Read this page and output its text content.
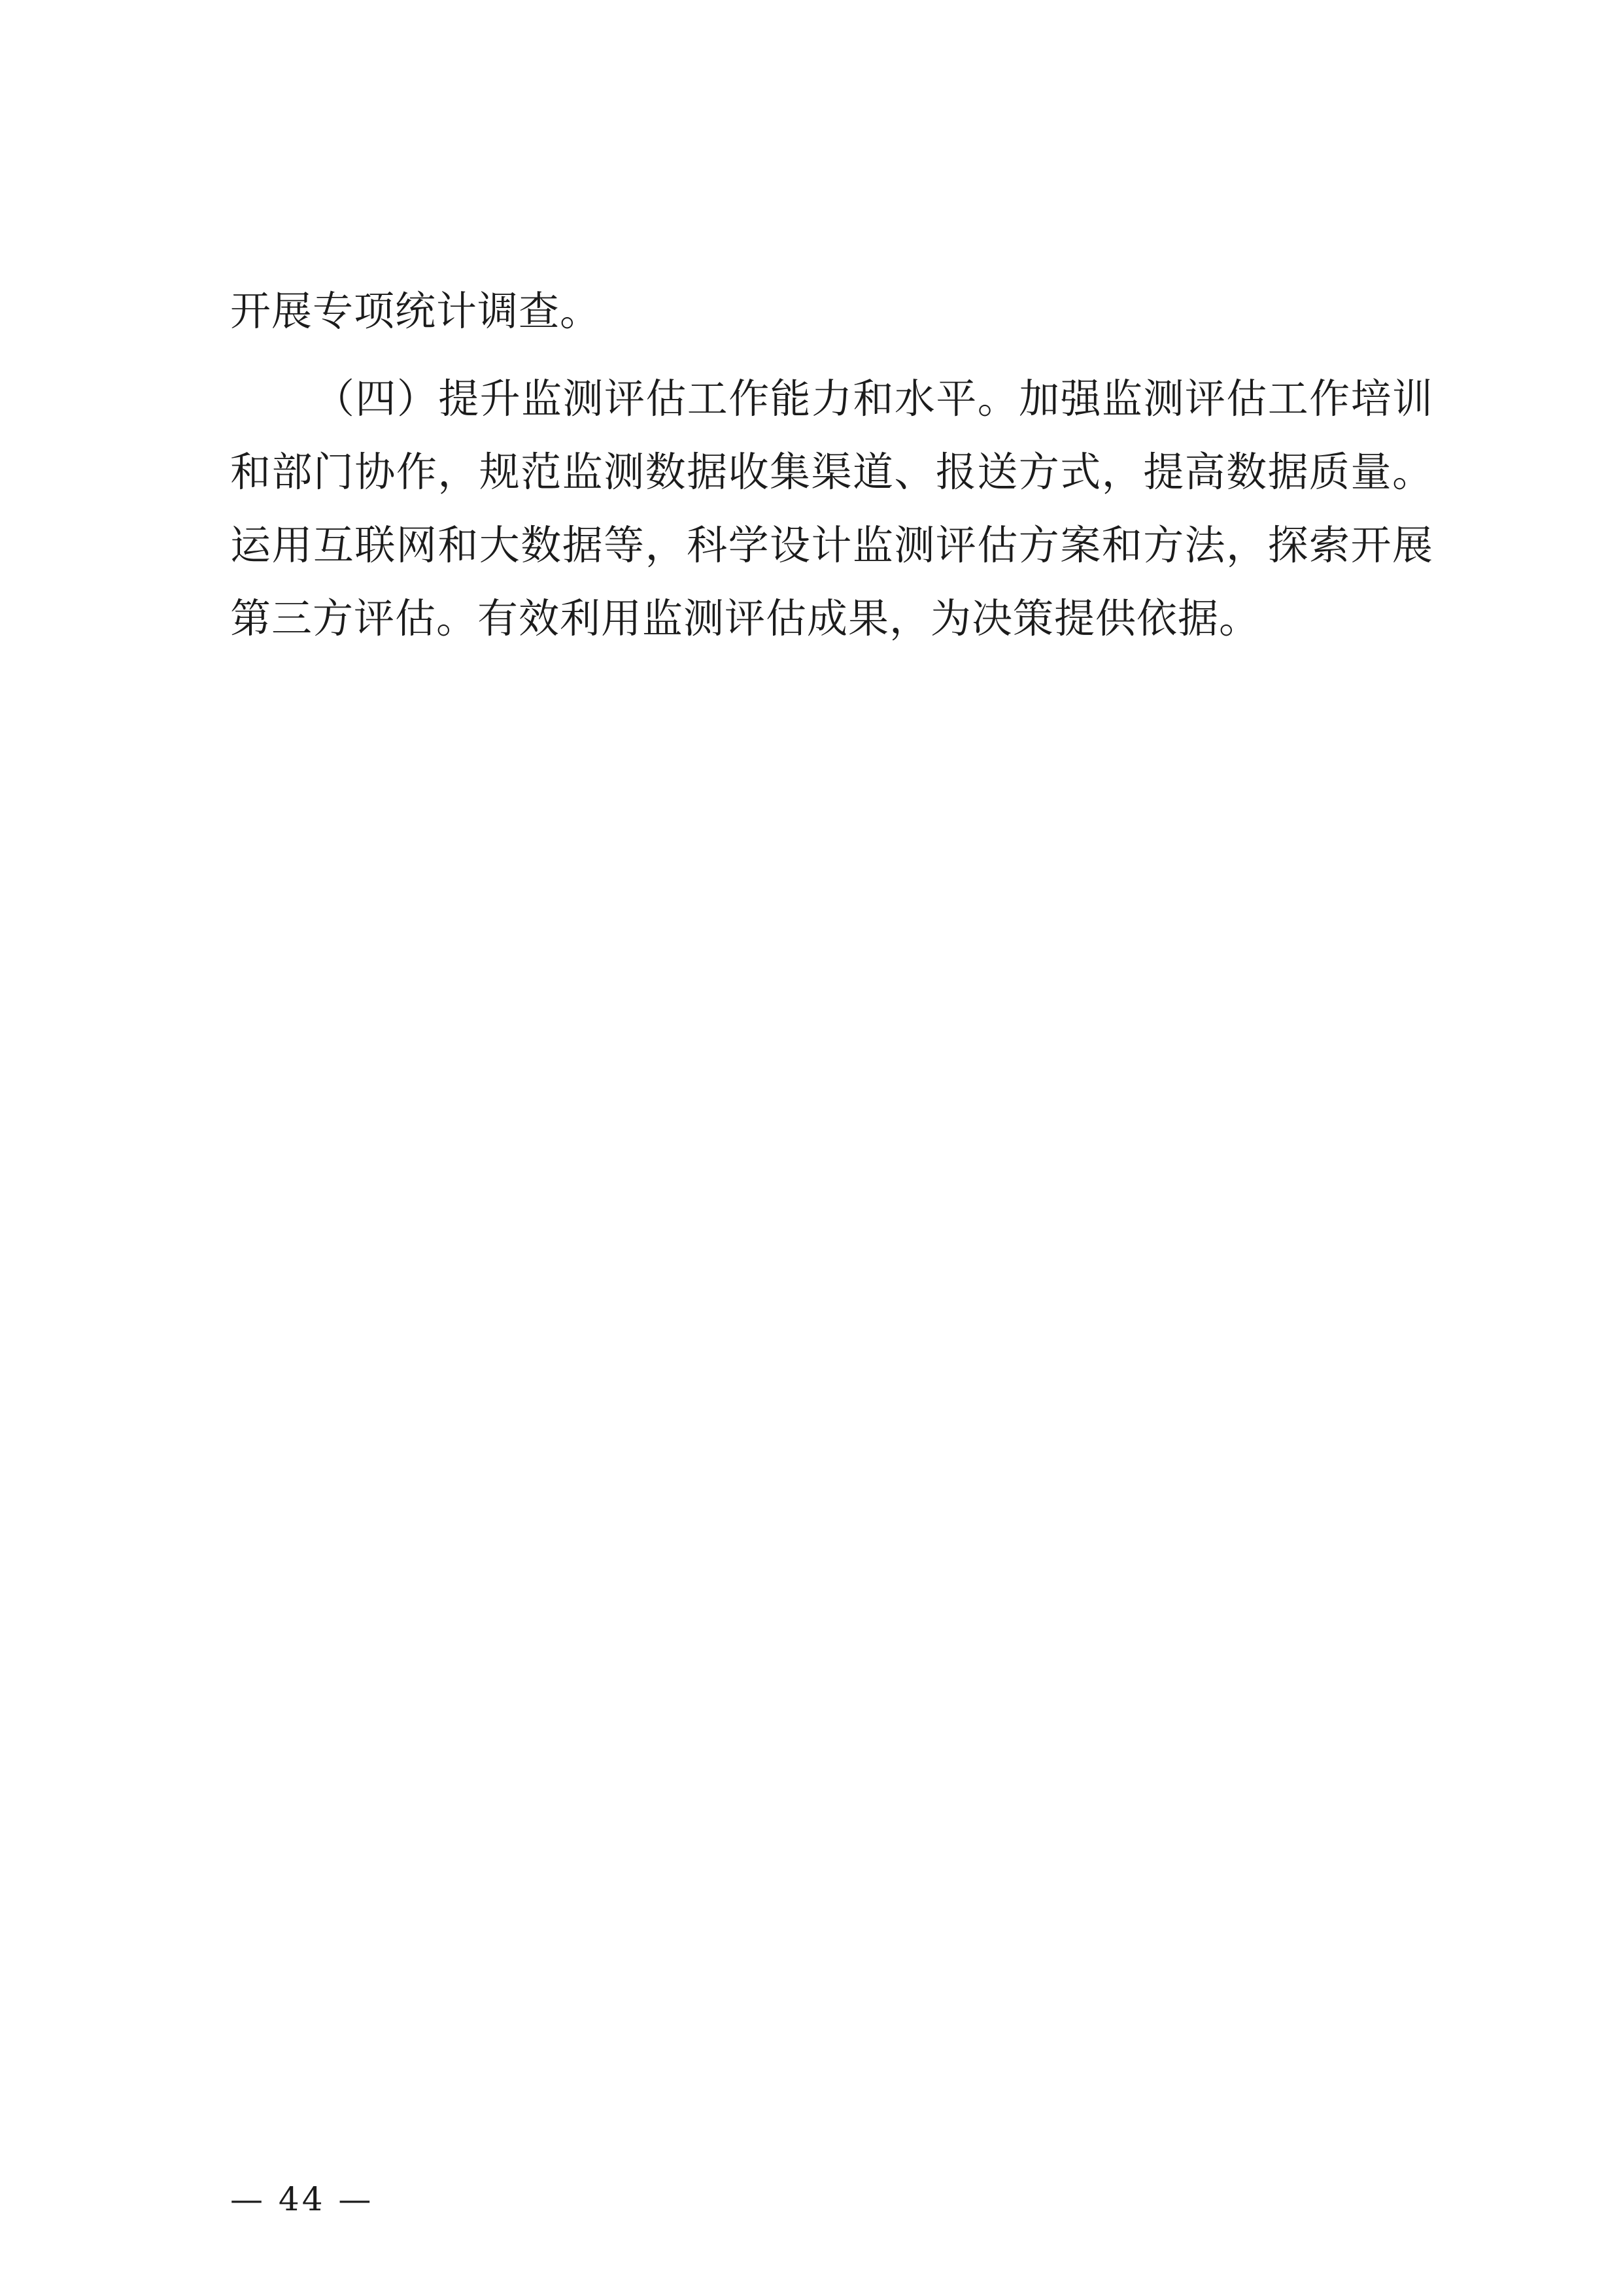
开展专项统计调查。

（四）提升监测评估工作能力和水平。加强监测评估工作培训和部门协作，规范监测数据收集渠道、报送方式，提高数据质量。运用互联网和大数据等，科学设计监测评估方案和方法，探索开展第三方评估。有效利用监测评估成果，为决策提供依据。

— 44 —
